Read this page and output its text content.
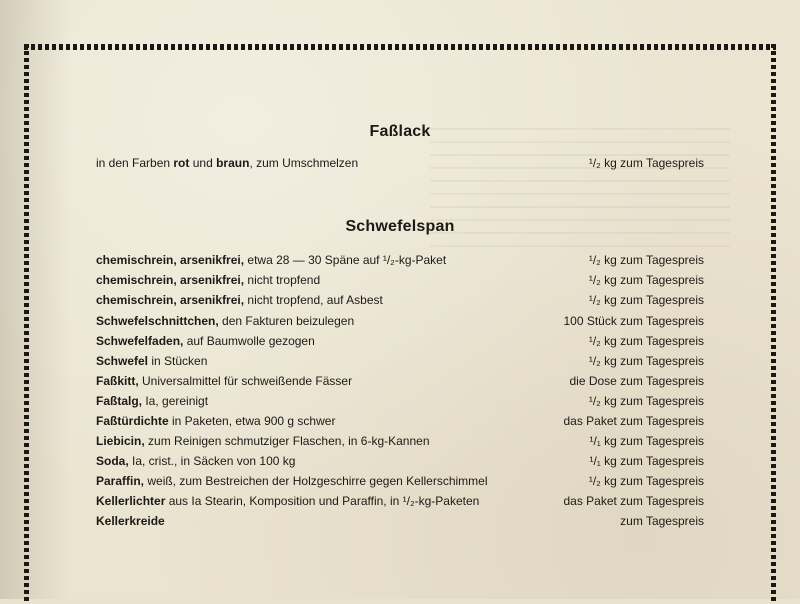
Faßlack
in den Farben rot und braun, zum Umschmelzen	¹/₂ kg zum Tagespreis
Schwefelspan
chemischrein, arsenikfrei, etwa 28 — 30 Späne auf ¹/₂-kg-Paket	¹/₂ kg zum Tagespreis
chemischrein, arsenikfrei, nicht tropfend	¹/₂ kg zum Tagespreis
chemischrein, arsenikfrei, nicht tropfend, auf Asbest	¹/₂ kg zum Tagespreis
Schwefelschnittchen, den Fakturen beizulegen	100 Stück zum Tagespreis
Schwefelfaden, auf Baumwolle gezogen	¹/₂ kg zum Tagespreis
Schwefel in Stücken	¹/₂ kg zum Tagespreis
Faßkitt, Universalmittel für schweißende Fässer	die Dose zum Tagespreis
Faßtalg, Ia, gereinigt	¹/₂ kg zum Tagespreis
Faßtürdichte in Paketen, etwa 900 g schwer	das Paket zum Tagespreis
Liebicin, zum Reinigen schmutziger Flaschen, in 6-kg-Kannen	¹/₁ kg zum Tagespreis
Soda, Ia, crist., in Säcken von 100 kg	¹/₁ kg zum Tagespreis
Paraffin, weiß, zum Bestreichen der Holzgeschirre gegen Kellerschimmel	¹/₂ kg zum Tagespreis
Kellerlichter aus Ia Stearin, Komposition und Paraffin, in ¹/₂-kg-Paketen	das Paket zum Tagespreis
Kellerkreide	zum Tagespreis
